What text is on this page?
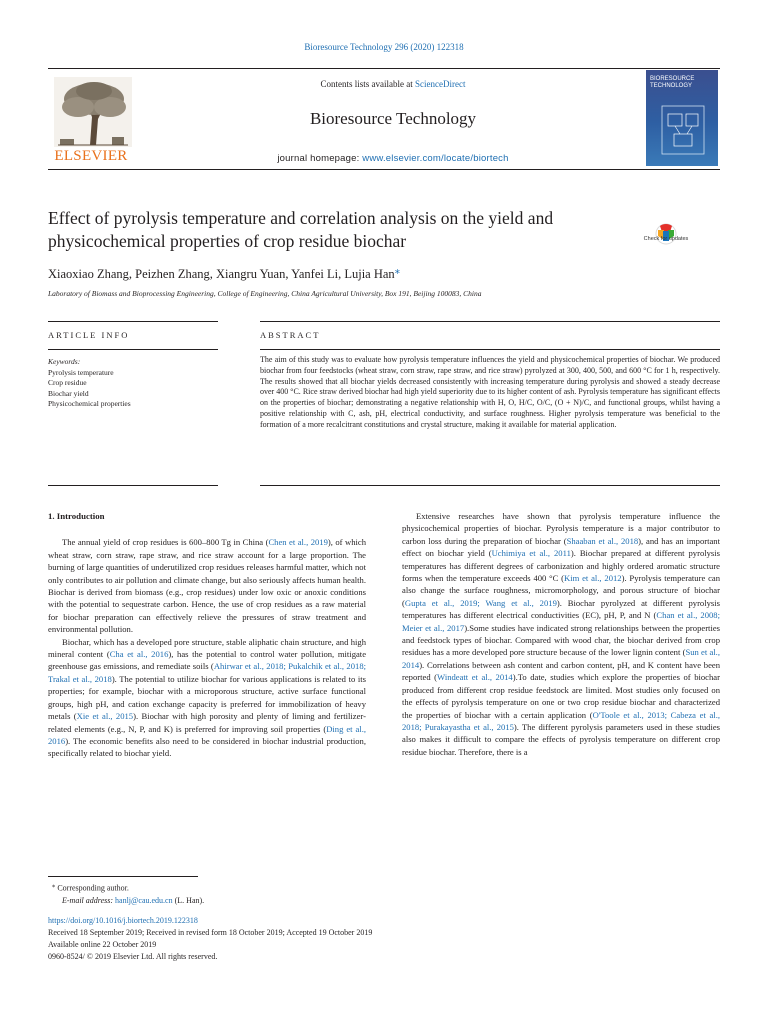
Bioresource Technology 296 (2020) 122318
ELSEVIER
Contents lists available at ScienceDirect
Bioresource Technology
journal homepage: www.elsevier.com/locate/biortech
BIORESOURCE TECHNOLOGY
Effect of pyrolysis temperature and correlation analysis on the yield and physicochemical properties of crop residue biochar	Check for updates
Xiaoxiao Zhang, Peizhen Zhang, Xiangru Yuan, Yanfei Li, Lujia Han⁎
Laboratory of Biomass and Bioprocessing Engineering, College of Engineering, China Agricultural University, Box 191, Beijing 100083, China
ARTICLE INFO	ABSTRACT
Keywords:
Pyrolysis temperature
Crop residue
Biochar yield
Physicochemical properties
The aim of this study was to evaluate how pyrolysis temperature influences the yield and physicochemical properties of biochar. We produced biochar from four feedstocks (wheat straw, corn straw, rape straw, and rice straw) pyrolyzed at 300, 400, 500, and 600 °C for 1 h, respectively. The results showed that all biochar yields decreased consistently with increasing temperature during pyrolysis and showed a steady decrease over 400 °C. Rice straw derived biochar had high yield superiority due to its higher content of ash. Pyrolysis temperature has significant effects on the properties of biochar; demonstrating a negative relationship with H, O, H/C, O/C, (O + N)/C, and functional groups, whilst having a positive relationship with C, ash, pH, electrical conductivity, and surface roughness. Higher pyrolysis temperature was beneficial to the formation of a more recalcitrant constitutions and crystal structure, making it available for material application.

1. Introduction

The annual yield of crop residues is 600–800 Tg in China (Chen et al., 2019), of which wheat straw, corn straw, rape straw, and rice straw account for a large proportion. The burning of large quantities of underutilized crop residues releases harmful matter, which not only contributes to air pollution and climate change, but also seriously affects human health. Biochar is derived from biomass (e.g., crop residues) under low oxic or anoxic conditions with the potential to sequestrate carbon. Hence, the use of crop residues as a raw material for biochar preparation can effectively relieve the pressures of straw treatment and environmental pollution.

Biochar, which has a developed pore structure, stable aliphatic chain structure, and high mineral content (Cha et al., 2016), has the potential to control water pollution, mitigate greenhouse gas emissions, and remediate soils (Ahirwar et al., 2018; Pukalchik et al., 2018; Trakal et al., 2018). The potential to utilize biochar for various applications is related to its properties; for example, biochar with a microporous structure, active surface functional groups, high pH, and cation exchange capacity is preferred for immobilization of heavy metals (Xie et al., 2015). Biochar with high porosity and plenty of liming and fertilizer-related elements (e.g., N, P, and K) is preferred for improving soil properties (Ding et al., 2016). The economic benefits also need to be considered in biochar industrial production, specifically related to biochar yield.

Extensive researches have shown that pyrolysis temperature influence the physicochemical properties of biochar. Pyrolysis temperature is a major contributor to carbon loss during the preparation of biochar (Shaaban et al., 2018), and has an important effect on biochar yield (Uchimiya et al., 2011). Biochar prepared at different pyrolysis temperatures has different degrees of carbonization and highly ordered aromatic structure forms when the temperature exceeds 400 °C (Kim et al., 2012). Pyrolysis temperature can also change the surface roughness, micromorphology, and porous structure of biochar (Gupta et al., 2019; Wang et al., 2019). Biochar pyrolyzed at different pyrolysis temperatures has different electrical conductivities (EC), pH, P, and N (Chan et al., 2008; Meier et al., 2017).Some studies have indicated strong relationships between the properties and feedstock types of biochar. Compared with wood char, the biochar derived from crop residues has a more developed pore structure because of the lower lignin content (Sun et al., 2014). Correlations between ash content and carbon content, pH, and K content have been reported (Windeatt et al., 2014).To date, studies which explore the properties of biochar produced from different crop residue feedstock are limited. Most studies only focused on the effects of pyrolysis temperature on one or two crop residue biochar and characterized the properties of biochar with a certain application (O'Toole et al., 2013; Cabeza et al., 2018; Purakayastha et al., 2015). The different pyrolysis parameters used in these studies also makes it difficult to compare the effects of pyrolysis temperature on different crop residue biochar. Therefore, there is a

⁎ Corresponding author.
E-mail address: hanlj@cau.edu.cn (L. Han).
https://doi.org/10.1016/j.biortech.2019.122318
Received 18 September 2019; Received in revised form 18 October 2019; Accepted 19 October 2019
Available online 22 October 2019
0960-8524/ © 2019 Elsevier Ltd. All rights reserved.
